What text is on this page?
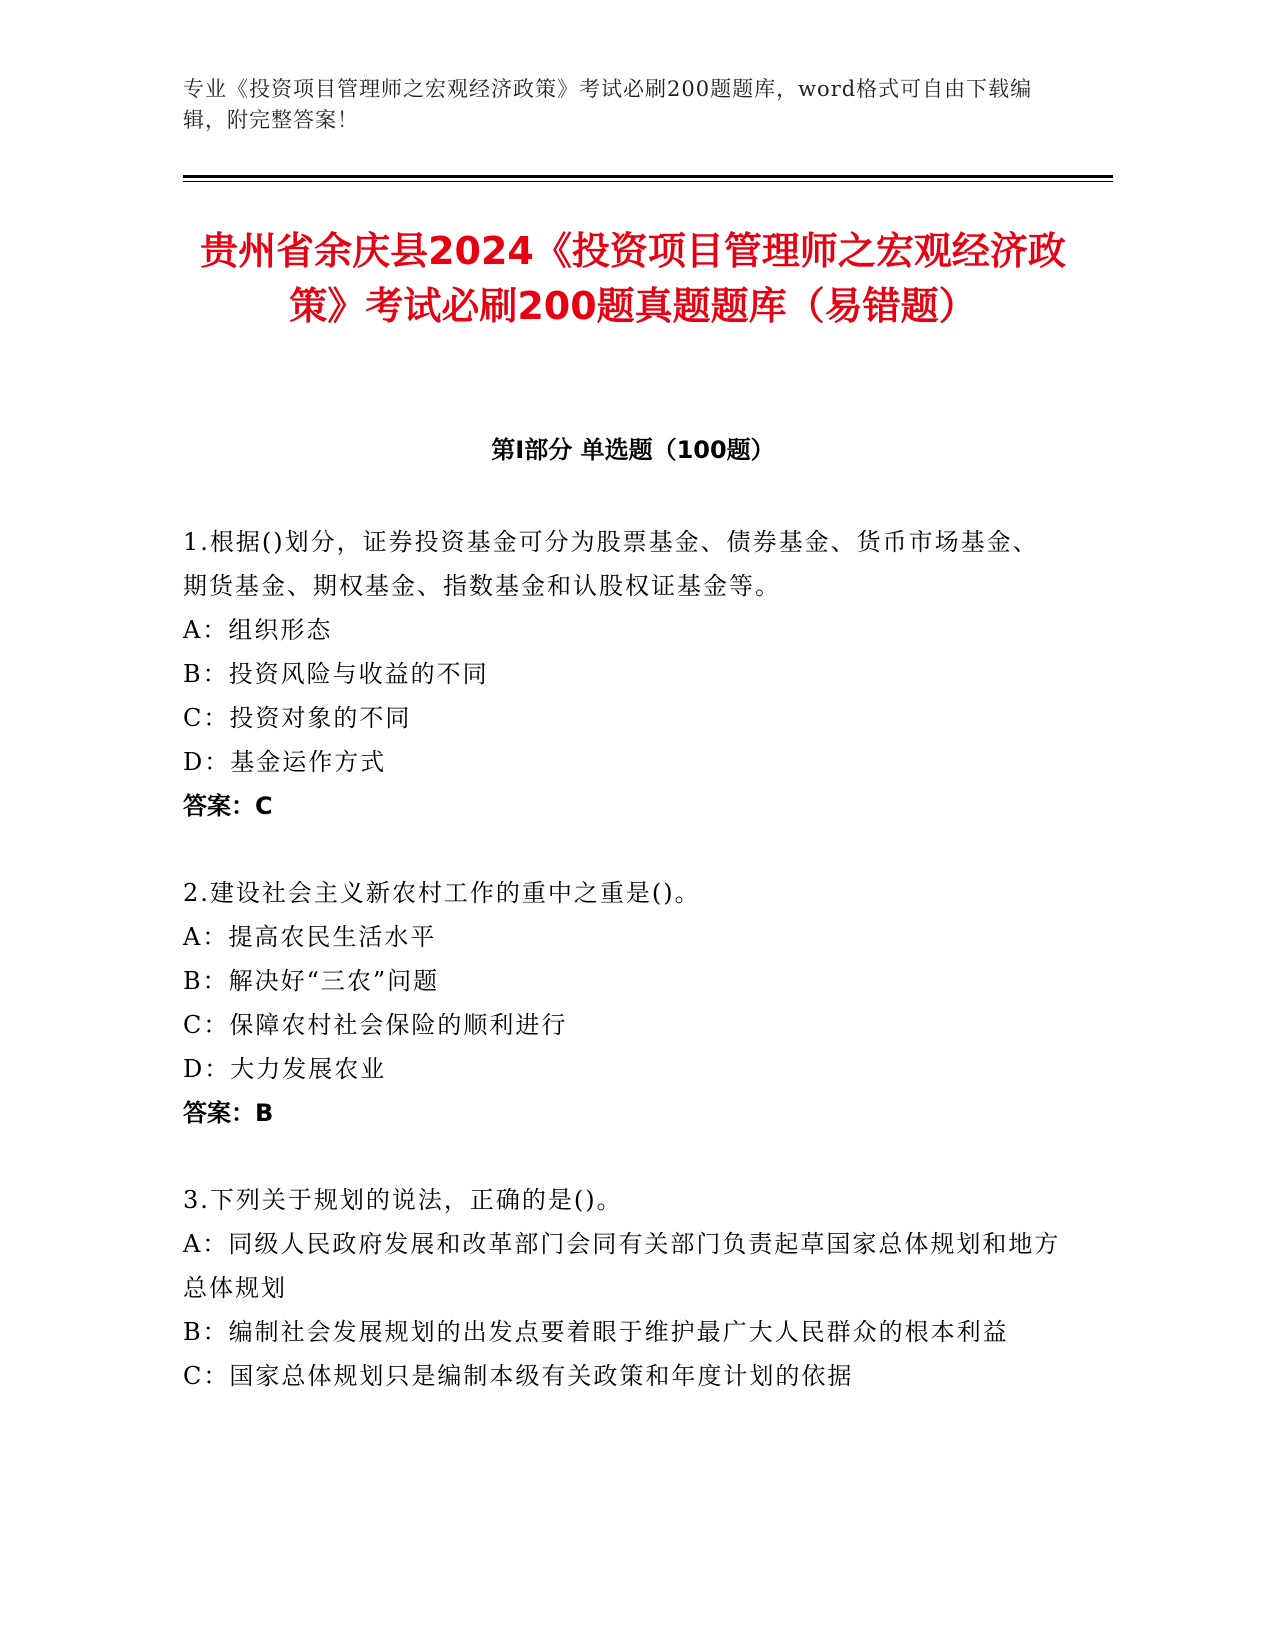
专业《投资项目管理师之宏观经济政策》考试必刷200题题库，word格式可自由下载编辑，附完整答案！
贵州省余庆县2024《投资项目管理师之宏观经济政策》考试必刷200题真题题库（易错题）
第Ⅰ部分 单选题（100题）
1.根据()划分，证券投资基金可分为股票基金、债券基金、货币市场基金、期货基金、期权基金、指数基金和认股权证基金等。
A：组织形态
B：投资风险与收益的不同
C：投资对象的不同
D：基金运作方式
答案：C
2.建设社会主义新农村工作的重中之重是()。
A：提高农民生活水平
B：解决好“三农”问题
C：保障农村社会保险的顺利进行
D：大力发展农业
答案：B
3.下列关于规划的说法，正确的是()。
A：同级人民政府发展和改革部门会同有关部门负责起草国家总体规划和地方总体规划
B：编制社会发展规划的出发点要着眼于维护最广大人民群众的根本利益
C：国家总体规划只是编制本级有关政策和年度计划的依据
